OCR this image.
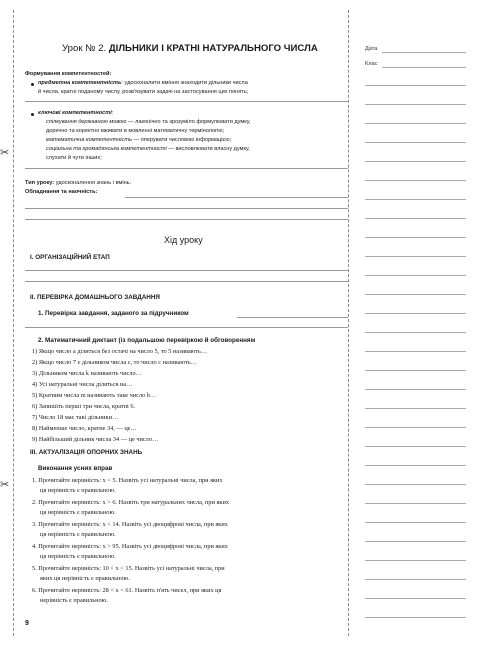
✂
✂
Дата
Клас
Урок № 2. ДІЛЬНИКИ І КРАТНІ НАТУРАЛЬНОГО ЧИСЛА
Формування компетентностей:
предметна компетентність: удосконалити вміння знаходити дільники числа
й числа, кратні поданому числу, розв'язувати задачі на застосування цих понять;
ключові компетентності:
спілкування державною мовою — лаконічно та зрозуміло формулювати думку,
доречно та коректно вживати в мовленні математичну термінологію;
математична компетентність — оперувати числовою інформацією;
соціальна та громадянська компетентності — висловлювати власну думку,
слухати й чути інших;
Тип уроку: удосконалення знань і вмінь.
Обладнання та наочність:
Хід уроку
I. ОРГАНІЗАЦІЙНИЙ ЕТАП
II. ПЕРЕВІРКА ДОМАШНЬОГО ЗАВДАННЯ
1. Перевірка завдання, заданого за підручником
2. Математичний диктант (із подальшою перевіркою й обговоренням
1) Якщо число а ділиться без остачі на число 5, то 5 називають…
2) Якщо число 7 є дільником числа c, то число c називають…
3) Дільником числа k називають число…
4) Усі натуральні числа діляться на…
5) Кратним числа m називають таке число b…
6) Запишіть перші три числа, кратні 6.
7) Число 18 має такі дільники…
8) Найменше число, кратне 34, — це…
9) Найбільший дільник числа 34 — це число…
III. АКТУАЛІЗАЦІЯ ОПОРНИХ ЗНАНЬ
Виконання усних вправ
1. Прочитайте нерівність: x < 5. Назвіть усі натуральні числа, при яких
ця нерівність є правильною.
2. Прочитайте нерівність: x > 6. Назвіть три натуральних числа, при яких
ця нерівність є правильною.
3. Прочитайте нерівність: x < 14. Назвіть усі двоцифрові числа, при яких
ця нерівність є правильною.
4. Прочитайте нерівність: x > 95. Назвіть усі двоцифрові числа, при яких
ця нерівність є правильною.
5. Прочитайте нерівність: 10 < x < 15. Назвіть усі натуральні числа, при
яких ця нерівність є правильною.
6. Прочитайте нерівність: 28 < x < 61. Назвіть п'ять чисел, при яких ця
нерівність є правильною.
9
